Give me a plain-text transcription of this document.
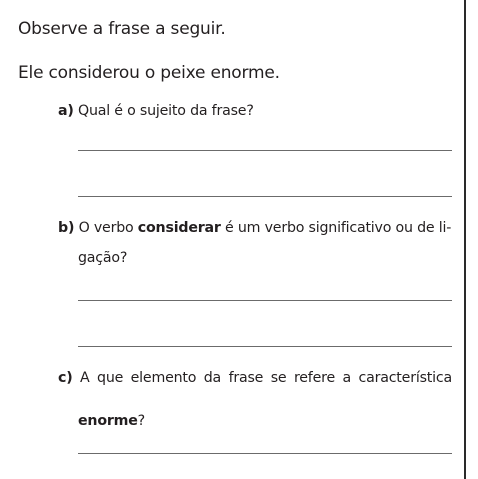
Observe a frase a seguir.

Ele considerou o peixe enorme.

a) Qual é o sujeito da frase?
b) O verbo considerar é um verbo significativo ou de li-
gação?
c) A que elemento da frase se refere a característica
enorme?
